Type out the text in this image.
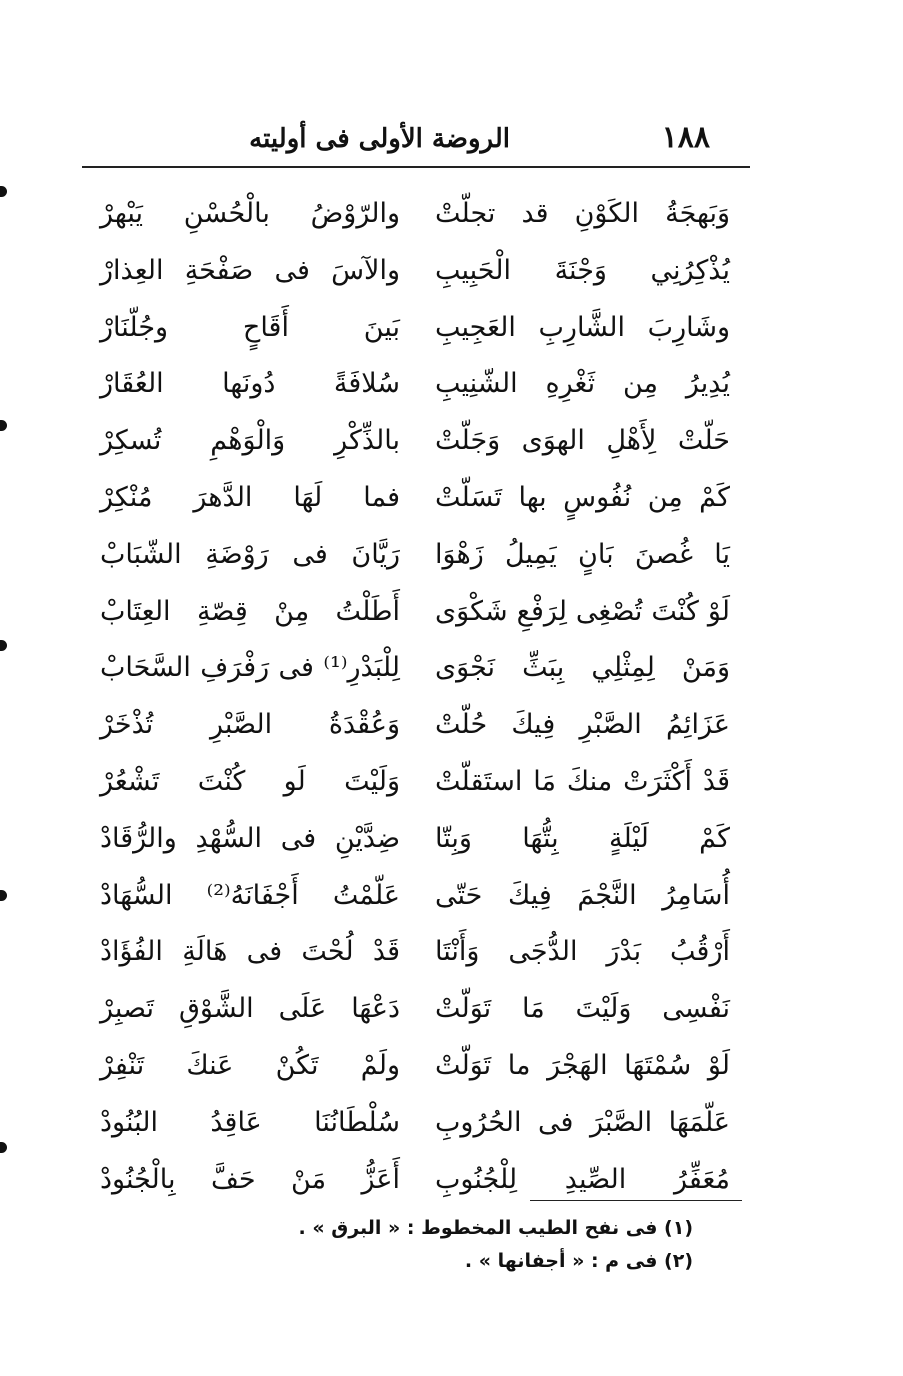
١٨٨
الروضة الأولى فى أوليته
وَبَهجَةُ الكَوْنِ قد تجلّتْ
والرّوْضُ بالْحُسْنِ يَبْهرْ
يُذْكِرُنِي وَجْنَةَ الْحَبِيبِ
والآسَ فى صَفْحَةِ العِذارْ
وشَارِبَ الشَّارِبِ العَجِيبِ
بَينَ أَقَاحٍ وجُلّنَارْ
يُدِيرُ مِن ثَغْرِهِ الشّنِيبِ
سُلافَةً دُونَها العُقَارْ
حَلّتْ لِأَهْلِ الهوَى وَجَلّتْ
بالذِّكْرِ وَالْوَهْمِ تُسكِرْ
كَمْ مِن نُفُوسٍ بها تَسَلّتْ
فما لَهَا الدَّهرَ مُنْكِرْ
يَا غُصنَ بَانٍ يَمِيلُ زَهْوَا
رَيَّانَ فى رَوْضَةِ الشّبَابْ
لَوْ كُنْتَ تُصْغِى لِرَفْعِ شَكْوَى
أَطَلْتُ مِنْ قِصّةِ العِتَابْ
وَمَنْ لِمِثْلِي بِبَثِّ نَجْوَى
لِلْبَدْرِ⁽¹⁾ فى رَفْرَفِ السَّحَابْ
عَزَائِمُ الصَّبْرِ فِيكَ حُلّتْ
وَعُقْدَةُ الصَّبْرِ تُذْخَرْ
قَدْ أَكْثَرَتْ منكَ مَا استَقلّتْ
وَلَيْتَ لَو كُنْتَ تَشْعُرْ
كَمْ لَيْلَةٍ بِتُّهَا وَبِتّا
ضِدَّيْنِ فى السُّهْدِ والرُّقَادْ
أُسَامِرُ النَّجْمَ فِيكَ حَتّى
عَلّمْتُ أَجْفَانَهُ⁽²⁾ السُّهَادْ
أَرْقُبُ بَدْرَ الدُّجَى وَأَنْتَا
قَدْ لُحْتَ فى هَالَةِ الفُؤَادْ
نَفْسِى وَلَيْتَ مَا تَوَلّتْ
دَعْهَا عَلَى الشَّوْقِ تَصبِرْ
لَوْ سُمْتَهَا الهَجْرَ ما تَوَلّتْ
ولَمْ تَكُنْ عَنكَ تَنْفِرْ
عَلّمَهَا الصَّبْرَ فى الحُرُوبِ
سُلْطَانُنَا عَاقِدُ البُنُودْ
مُعَفِّرُ الصِّيدِ لِلْجُنُوبِ
أَعَزُّ مَنْ حَفَّ بِالْجُنُودْ
(١) فى نفح الطيب المخطوط : « البرق » .
(٢) فى م : « أجفانها » .
